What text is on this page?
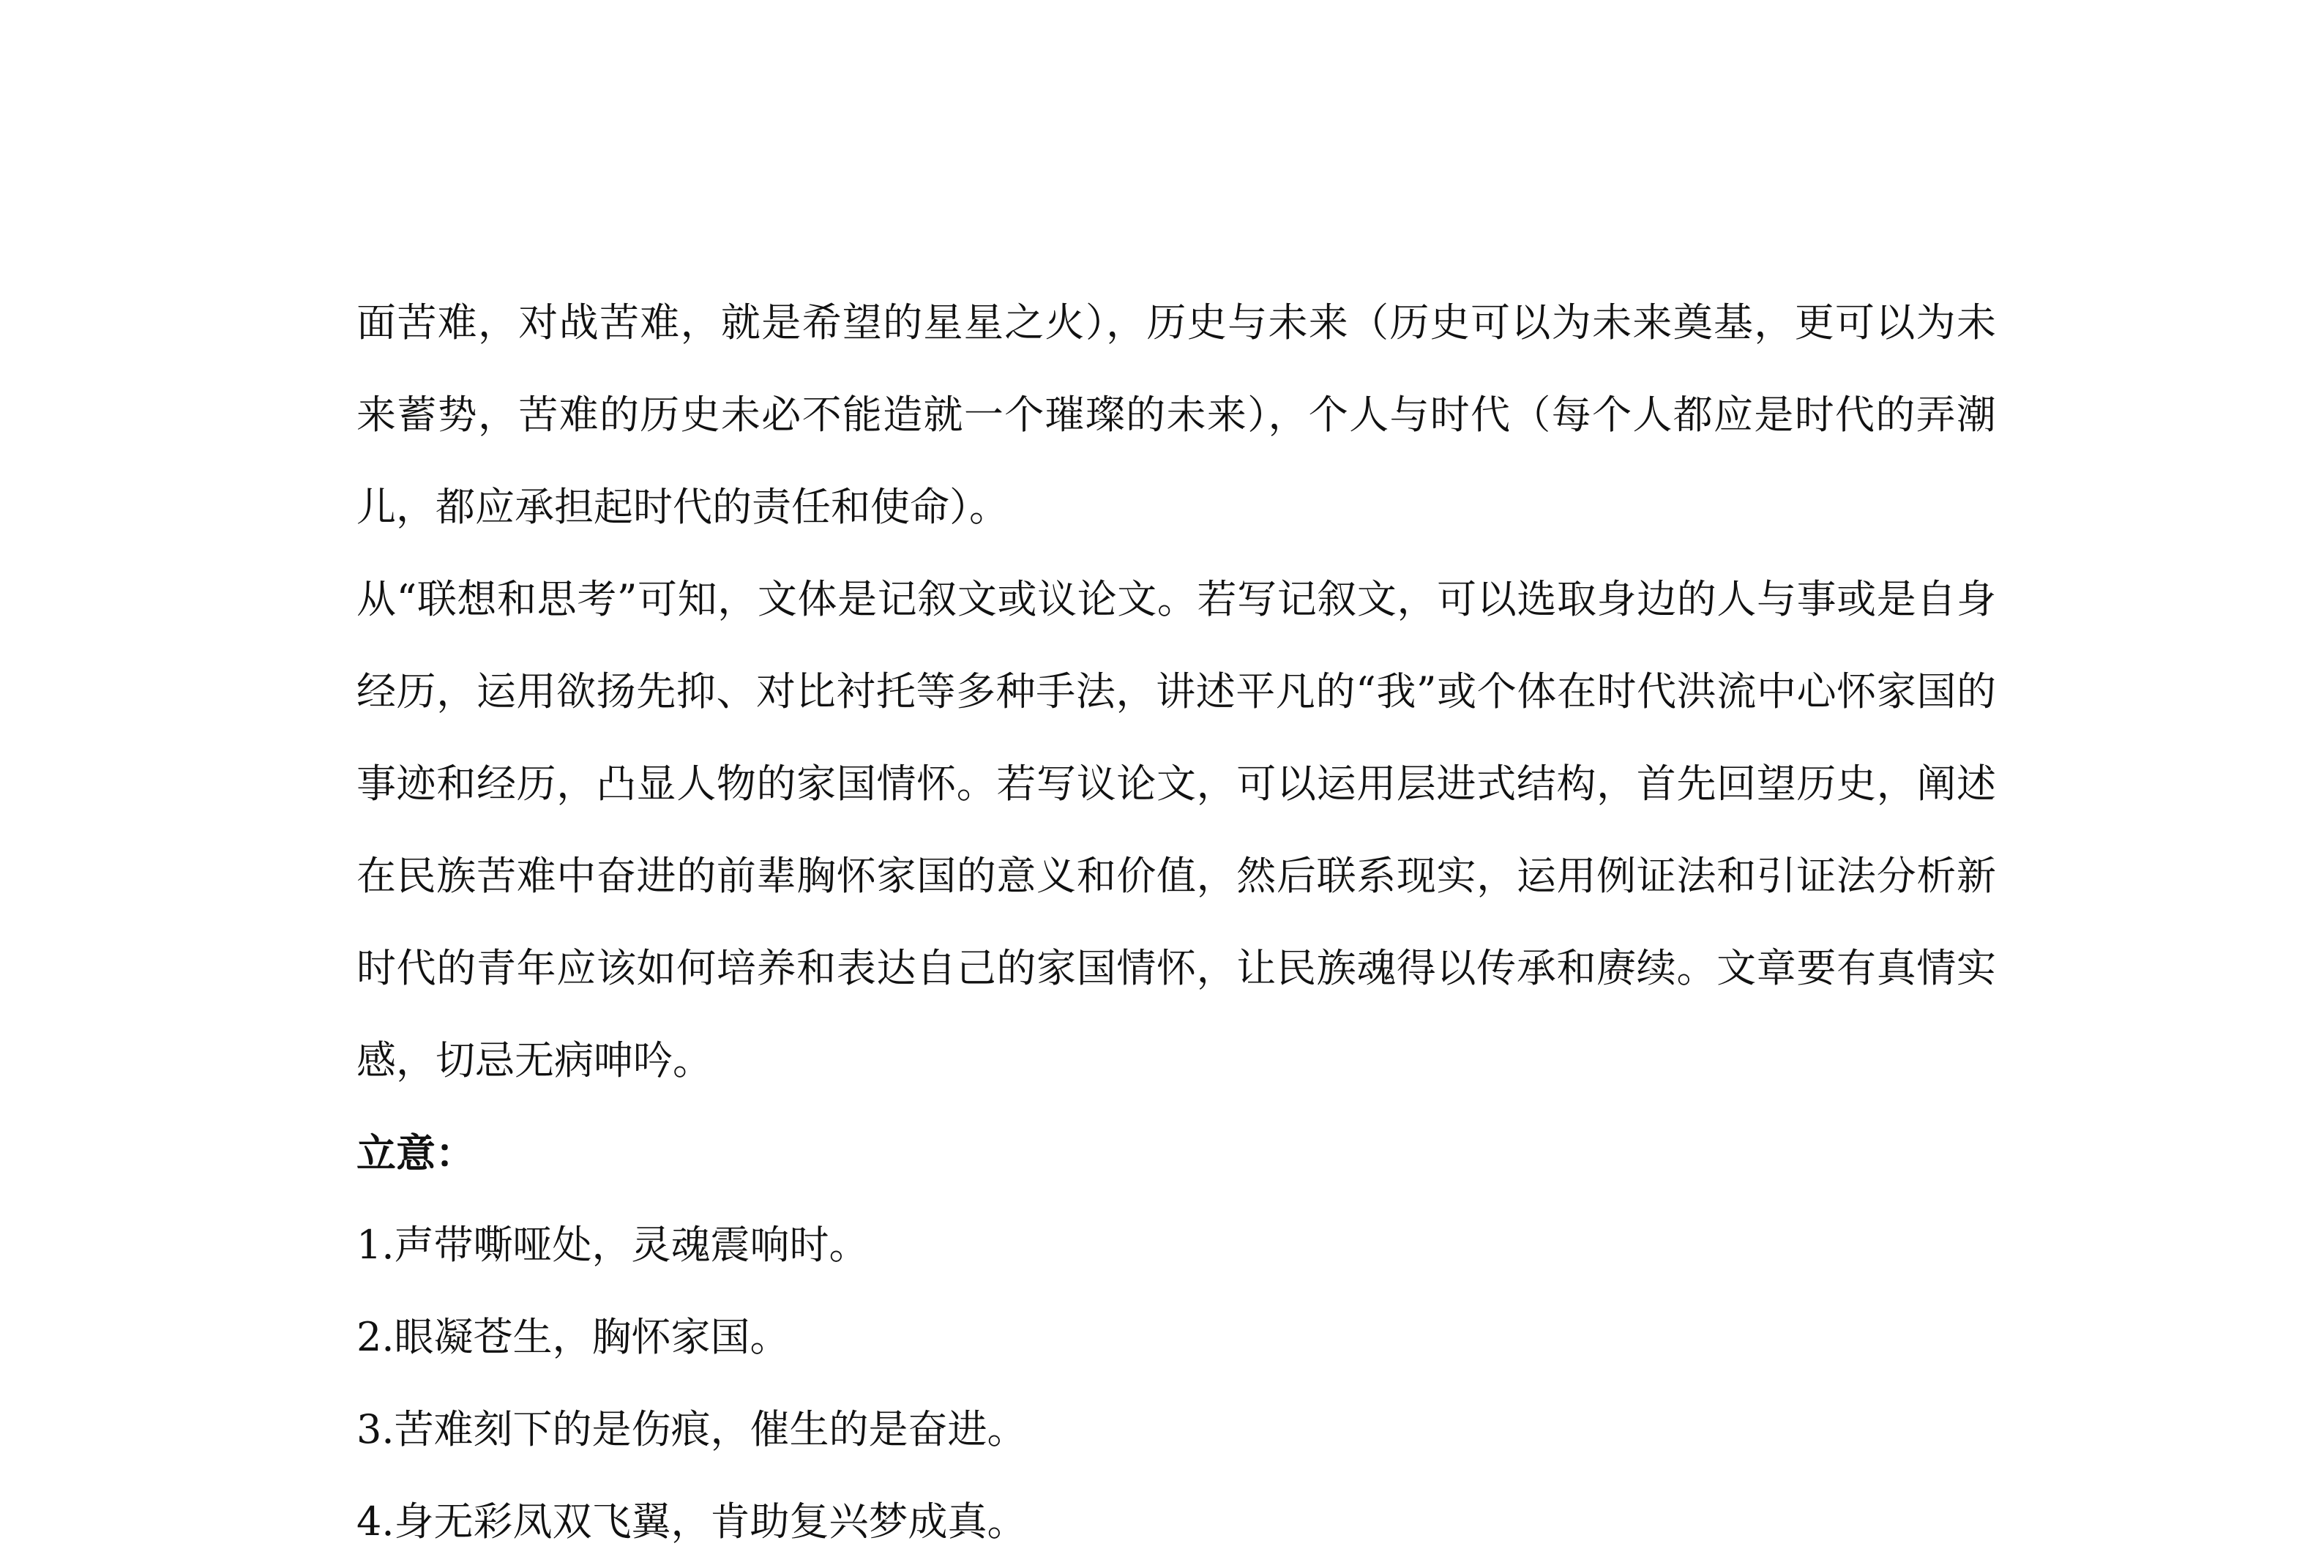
面苦难，对战苦难，就是希望的星星之火），历史与未来（历史可以为未来奠基，更可以为未来蓄势，苦难的历史未必不能造就一个璀璨的未来），个人与时代（每个人都应是时代的弄潮儿，都应承担起时代的责任和使命）。

从“联想和思考”可知，文体是记叙文或议论文。若写记叙文，可以选取身边的人与事或是自身经历，运用欲扬先抑、对比衬托等多种手法，讲述平凡的“我”或个体在时代洪流中心怀家国的事迹和经历，凸显人物的家国情怀。若写议论文，可以运用层进式结构，首先回望历史，阐述在民族苦难中奋进的前辈胸怀家国的意义和价值，然后联系现实，运用例证法和引证法分析新时代的青年应该如何培养和表达自己的家国情怀，让民族魂得以传承和赓续。文章要有真情实感，切忌无病呻吟。

立意：

1.声带嘶哑处，灵魂震响时。

2.眼凝苍生，胸怀家国。

3.苦难刻下的是伤痕，催生的是奋进。

4.身无彩凤双飞翼，肯助复兴梦成真。
